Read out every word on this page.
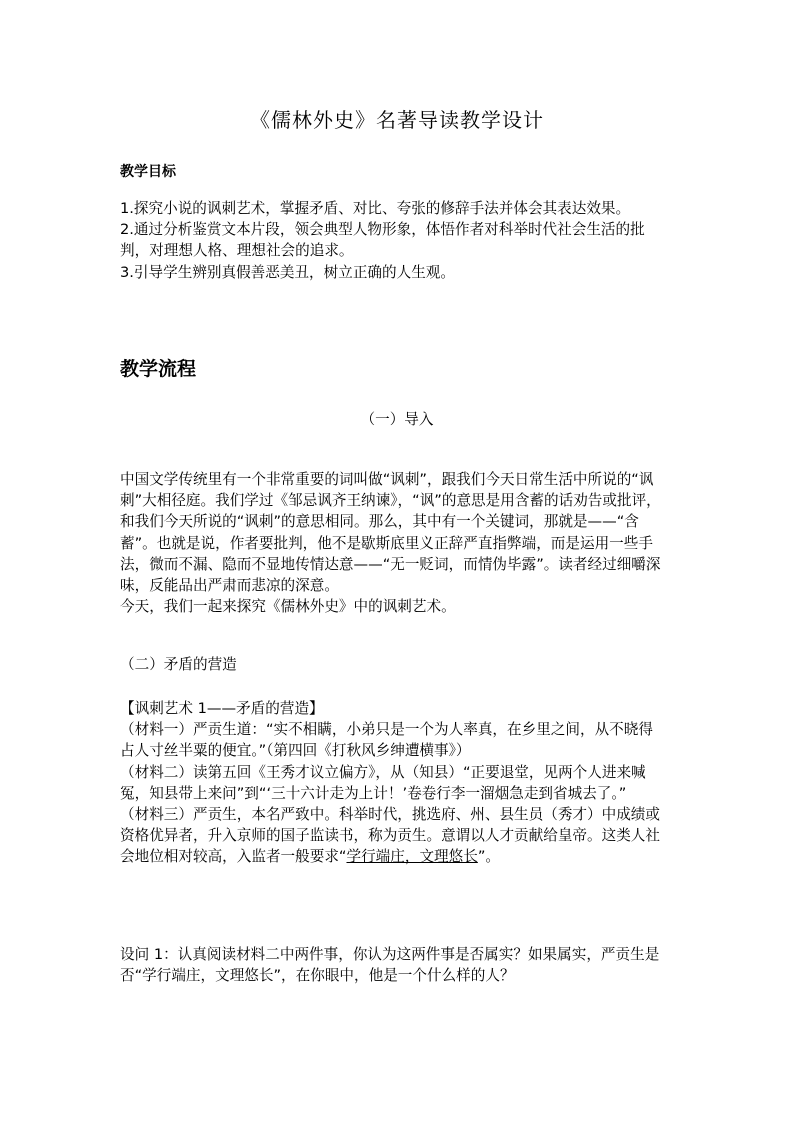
《儒林外史》名著导读教学设计
教学目标

1.探究小说的讽刺艺术，掌握矛盾、对比、夸张的修辞手法并体会其表达效果。

2.通过分析鉴赏文本片段，领会典型人物形象，体悟作者对科举时代社会生活的批判，对理想人格、理想社会的追求。

3.引导学生辨别真假善恶美丑，树立正确的人生观。

教学流程
（一）导入

中国文学传统里有一个非常重要的词叫做“讽刺”，跟我们今天日常生活中所说的“讽刺”大相径庭。我们学过《邹忌讽齐王纳谏》，“讽”的意思是用含蓄的话劝告或批评，和我们今天所说的“讽刺”的意思相同。那么，其中有一个关键词，那就是——“含蓄”。也就是说，作者要批判，他不是歇斯底里义正辞严直指弊端，而是运用一些手法，微而不漏、隐而不显地传情达意——“无一贬词，而情伪毕露”。读者经过细嚼深味，反能品出严肃而悲凉的深意。

今天，我们一起来探究《儒林外史》中的讽刺艺术。

（二）矛盾的营造

【讽刺艺术 1——矛盾的营造】

（材料一）严贡生道：“实不相瞒，小弟只是一个为人率真，在乡里之间，从不晓得占人寸丝半粟的便宜。”（第四回《打秋风乡绅遭横事》）

（材料二）读第五回《王秀才议立偏方》，从（知县）“正要退堂，见两个人进来喊冤，知县带上来问”到“‘三十六计走为上计！’卷卷行李一溜烟急走到省城去了。”

（材料三）严贡生，本名严致中。科举时代，挑选府、州、县生员（秀才）中成绩或资格优异者，升入京师的国子监读书，称为贡生。意谓以人才贡献给皇帝。这类人社会地位相对较高，入监者一般要求“学行端庄，文理悠长”。

设问 1：认真阅读材料二中两件事，你认为这两件事是否属实？如果属实，严贡生是否“学行端庄，文理悠长”，在你眼中，他是一个什么样的人？
